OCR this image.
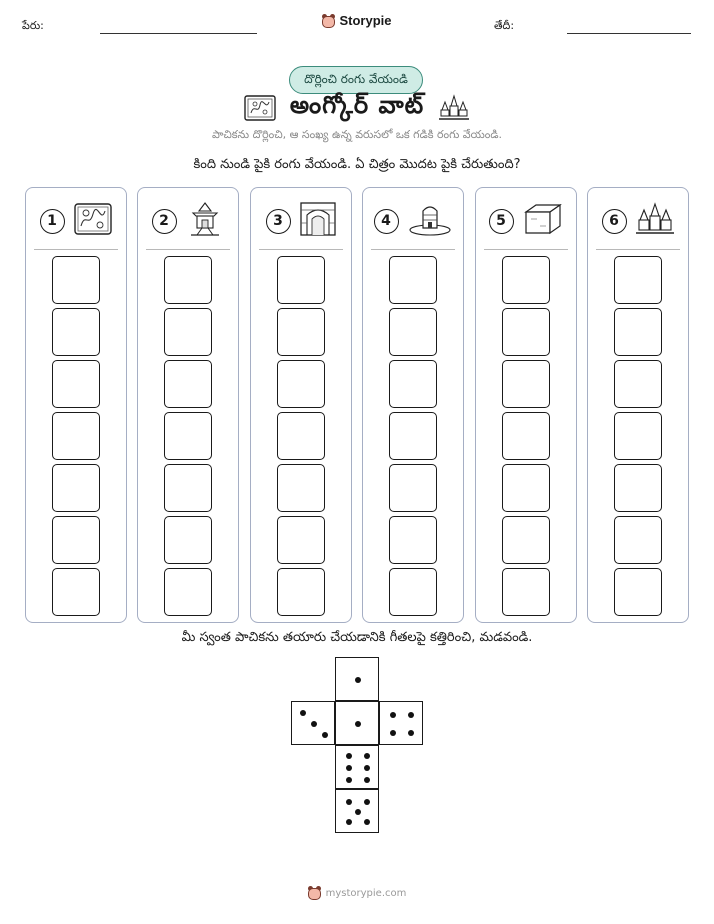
పేరు:	Storypie	తేదీ:
దొర్లించి రంగు వేయండి
అంగ్కోర్ వాట్
పాచికను దొర్లించి, ఆ సంఖ్య ఉన్న వరుసలో ఒక గడికి రంగు వేయండి.
కింది నుండి పైకి రంగు వేయండి. ఏ చిత్రం మొదట పైకి చేరుతుంది?
1	2	3	4	5	6
మీ స్వంత పాచికను తయారు చేయడానికి గీతలపై కత్తిరించి, మడవండి.
mystorypie.com
